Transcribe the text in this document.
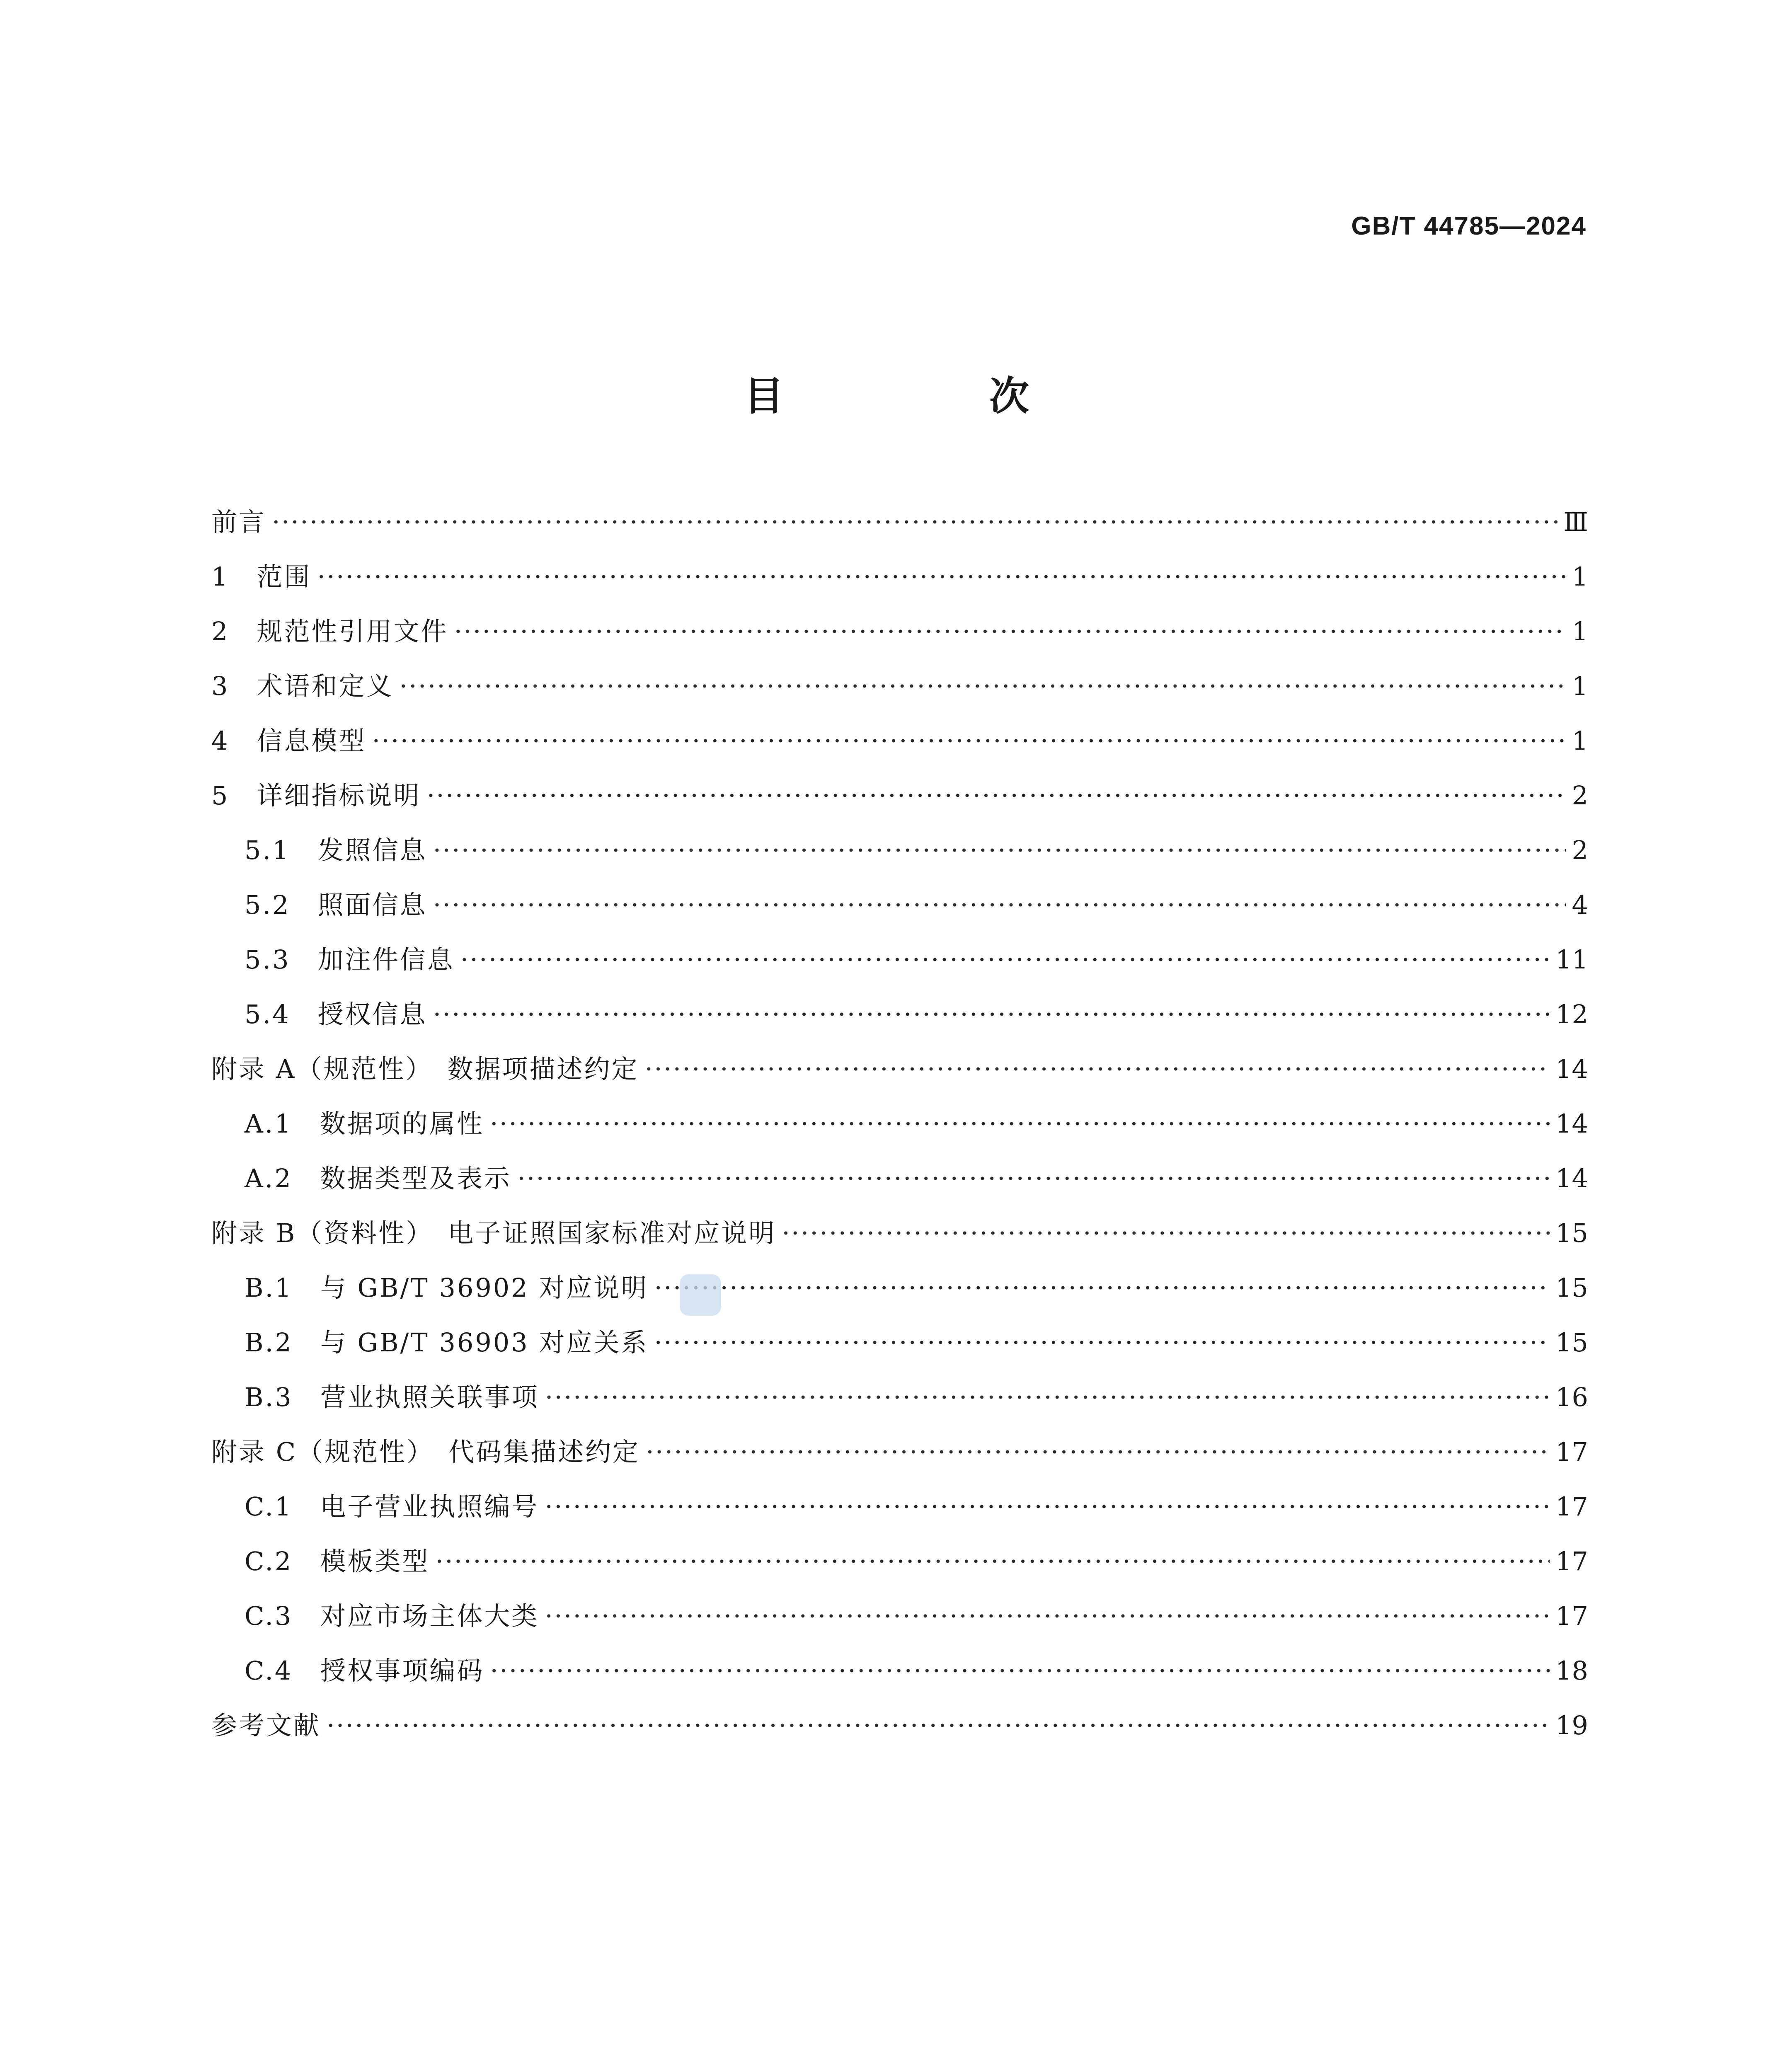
GB/T 44785—2024
目　次
前言 ·····	Ⅲ
1　范围 ·····	1
2　规范性引用文件 ·····	1
3　术语和定义 ·····	1
4　信息模型 ·····	1
5　详细指标说明 ·····	2
5.1　发照信息 ·····	2
5.2　照面信息 ·····	4
5.3　加注件信息 ·····	11
5.4　授权信息 ·····	12
附录 A（规范性）　数据项描述约定 ·····	14
A.1　数据项的属性 ·····	14
A.2　数据类型及表示 ·····	14
附录 B（资料性）　电子证照国家标准对应说明 ·····	15
B.1　与 GB/T 36902 对应说明 ·····	15
B.2　与 GB/T 36903 对应关系 ·····	15
B.3　营业执照关联事项 ·····	16
附录 C（规范性）　代码集描述约定 ·····	17
C.1　电子营业执照编号 ·····	17
C.2　模板类型 ·····	17
C.3　对应市场主体大类 ·····	17
C.4　授权事项编码 ·····	18
参考文献 ·····	19
